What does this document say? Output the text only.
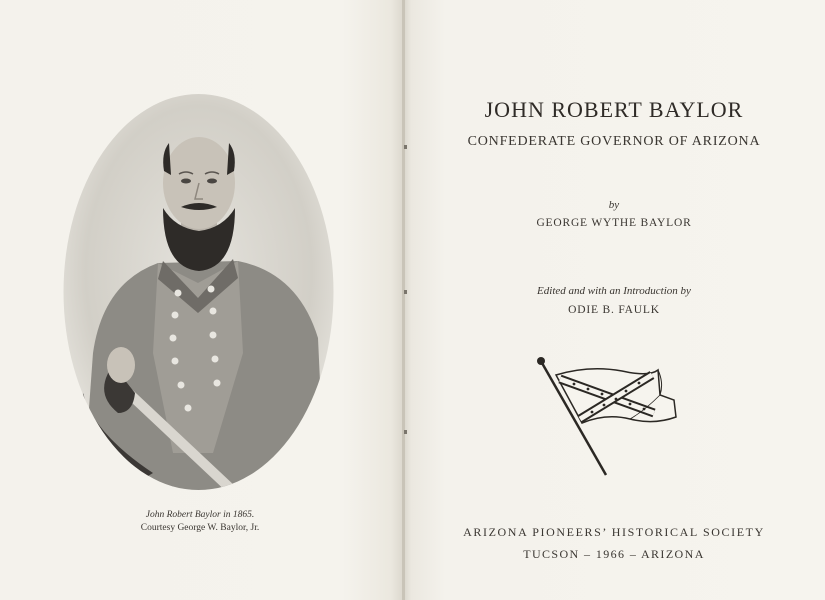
John Robert Baylor in 1865.
Courtesy George W. Baylor, Jr.
JOHN ROBERT BAYLOR
CONFEDERATE GOVERNOR OF ARIZONA
by
GEORGE WYTHE BAYLOR
Edited and with an Introduction by
ODIE B. FAULK
ARIZONA PIONEERS’ HISTORICAL SOCIETY
TUCSON – 1966 – ARIZONA
